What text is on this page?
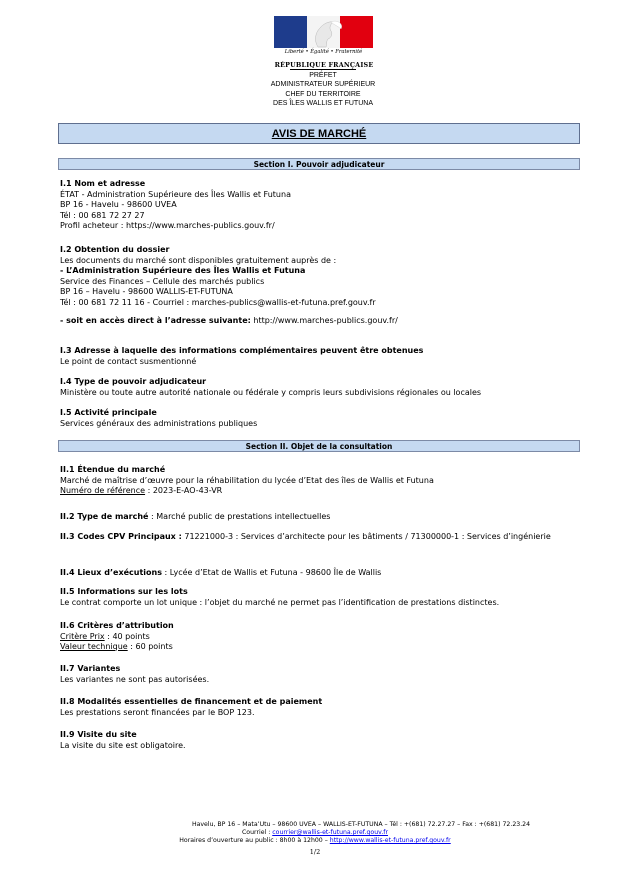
Liberté • Égalité • Fraternité
RÉPUBLIQUE FRANÇAISE
PRÉFET
ADMINISTRATEUR SUPÉRIEUR
CHEF DU TERRITOIRE
DES ÎLES WALLIS ET FUTUNA
AVIS DE MARCHÉ
Section I. Pouvoir adjudicateur

I.1 Nom et adresse

ÉTAT - Administration Supérieure des Îles Wallis et Futuna

BP 16 - Havelu - 98600 UVEA

Tél : 00 681 72 27 27

Profil acheteur : https://www.marches-publics.gouv.fr/

I.2 Obtention du dossier

Les documents du marché sont disponibles gratuitement auprès de :

- L’Administration Supérieure des Îles Wallis et Futuna

Service des Finances – Cellule des marchés publics

BP 16 – Havelu - 98600 WALLIS-ET-FUTUNA

Tél : 00 681 72 11 16 - Courriel : marches-publics@wallis-et-futuna.pref.gouv.fr

- soit en accès direct à l’adresse suivante: http://www.marches-publics.gouv.fr/

I.3 Adresse à laquelle des informations complémentaires peuvent être obtenues

Le point de contact susmentionné

I.4 Type de pouvoir adjudicateur

Ministère ou toute autre autorité nationale ou fédérale y compris leurs subdivisions régionales ou locales

I.5 Activité principale

Services généraux des administrations publiques

Section II. Objet de la consultation

II.1 Étendue du marché

Marché de maîtrise d’œuvre pour la réhabilitation du lycée d’Etat des îles de Wallis et Futuna

Numéro de référence : 2023-E-AO-43-VR

II.2 Type de marché : Marché public de prestations intellectuelles

II.3 Codes CPV Principaux : 71221000-3 : Services d’architecte pour les bâtiments / 71300000-1 : Services d’ingénierie

II.4 Lieux d’exécutions : Lycée d’Etat de Wallis et Futuna - 98600 Île de Wallis

II.5 Informations sur les lots

Le contrat comporte un lot unique : l’objet du marché ne permet pas l’identification de prestations distinctes.

II.6 Critères d’attribution

Critère Prix : 40 points

Valeur technique : 60 points

II.7 Variantes

Les variantes ne sont pas autorisées.

II.8 Modalités essentielles de financement et de paiement

Les prestations seront financées par le BOP 123.

II.9 Visite du site

La visite du site est obligatoire.

Havelu, BP 16 – Mata’Utu – 98600 UVEA – WALLIS-ET-FUTUNA – Tél : +(681) 72.27.27 – Fax : +(681) 72.23.24
Courriel : courrier@wallis-et-futuna.pref.gouv.fr
Horaires d’ouverture au public : 8h00 à 12h00 – http://www.wallis-et-futuna.pref.gouv.fr
1/2
